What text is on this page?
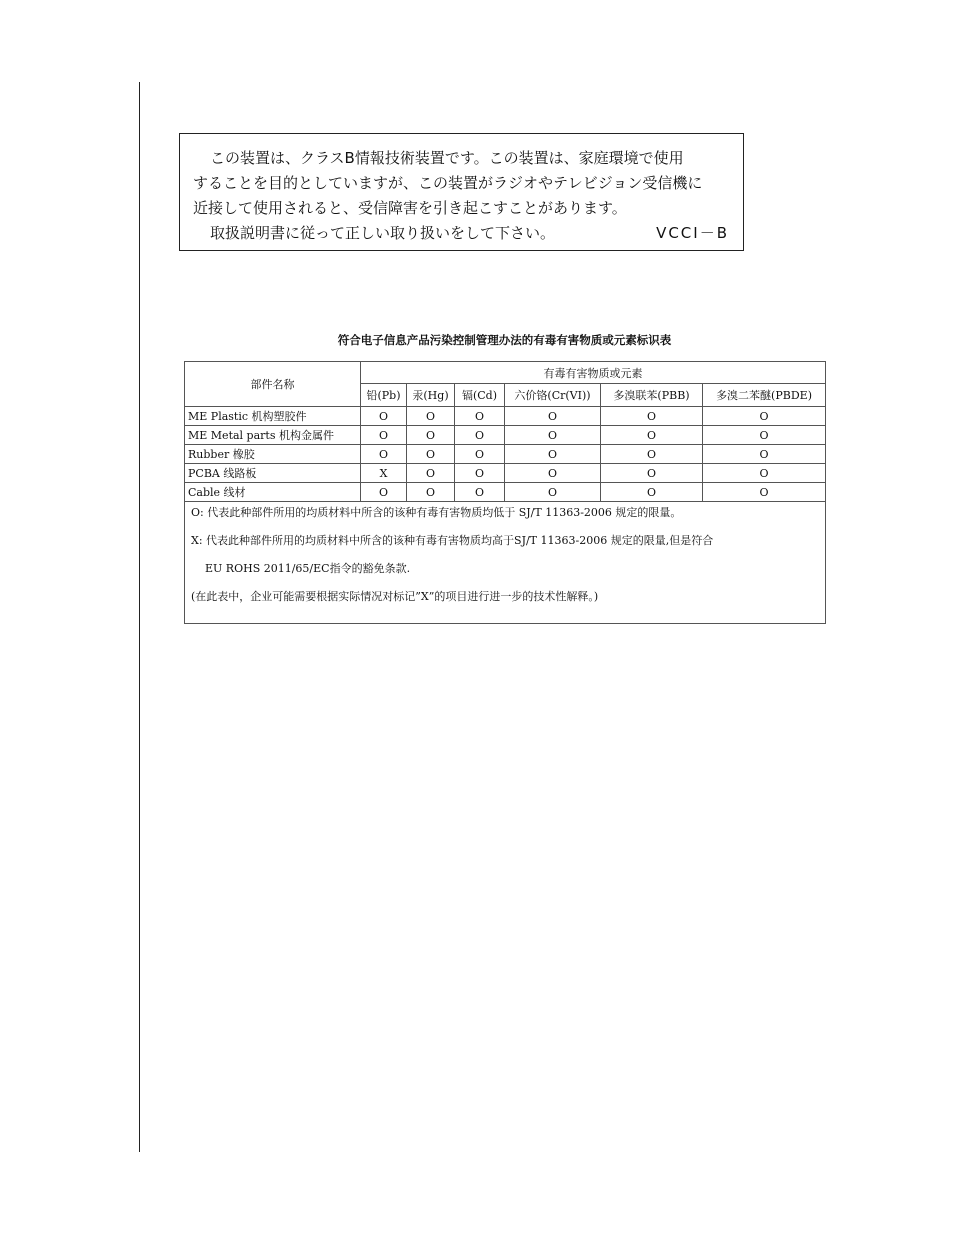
この装置は、クラスB情報技術装置です。この装置は、家庭環境で使用

することを目的としていますが、この装置がラジオやテレビジョン受信機に

近接して使用されると、受信障害を引き起こすことがあります。

取扱説明書に従って正しい取り扱いをして下さい。	VCCI－B

符合电子信息产品污染控制管理办法的有毒有害物质或元素标识表
部件名称	有毒有害物质或元素					
	铅(Pb)	汞(Hg)	镉(Cd)	六价铬(Cr(VI))	多溴联苯(PBB)	多溴二苯醚(PBDE)
ME Plastic 机构塑胶件	O	O	O	O	O	O
ME Metal parts 机构金属件	O	O	O	O	O	O
Rubber 橡胶	O	O	O	O	O	O
PCBA 线路板	X	O	O	O	O	O
Cable 线材	O	O	O	O	O	O

O: 代表此种部件所用的均质材料中所含的该种有毒有害物质均低于 SJ/T 11363-2006 规定的限量。

X: 代表此种部件所用的均质材料中所含的该种有毒有害物质均高于SJ/T 11363-2006 规定的限量,但是符合

EU ROHS 2011/65/EC指令的豁免条款.

(在此表中，企业可能需要根据实际情况对标记”X”的项目进行进一步的技术性解释。)						
